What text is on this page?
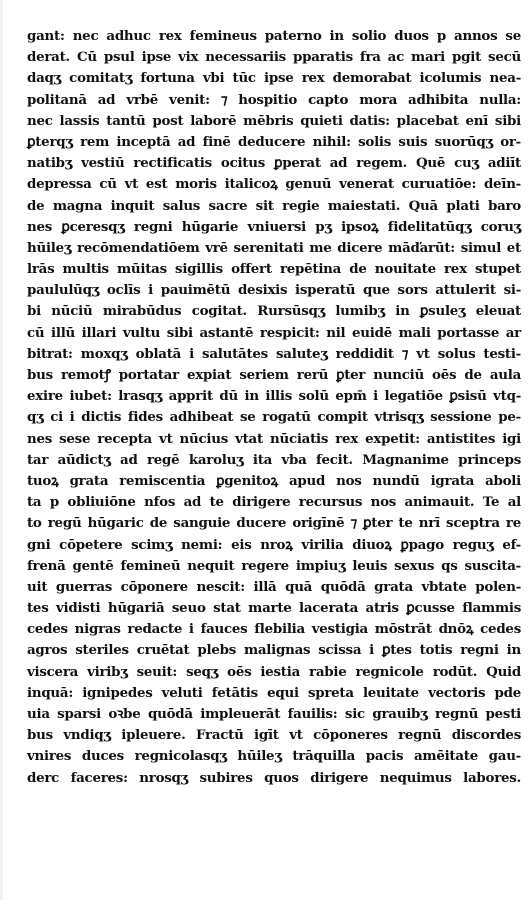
gant: nec adhuc rex femineus paterno in solio duos p annos se
derat. Cū psul ipse vix necessariis pparatis fra ac mari pgit secū
daqʒ comitatʒ fortuna vbi tūc ipse rex demorabat icolumis nea-
politanā ad vrbē venit: ⁊ hospitio capto mora adhibita nulla:
nec lassis tantū post laborē mēbris quieti datis: placebat enī sibi
ꝑterqʒ rem inceptā ad finē deducere nihil: solis suis suorūqʒ or-
natibʒ vestiū rectificatis ocitus ꝑperat ad regem. Quē cuʒ adiīt
depressa cū vt est moris italicoꝝ genuū venerat curuatiōe: deīn-
de magna inquit salus sacre sit regie maiestati. Quā plati baro
nes ꝑceresqʒ regni hūgarie vniuersi pʒ ipsoꝝ fidelitatūqʒ coruʒ
hūileʒ recōmendatiōem vrē serenitati me dicere māďarūt: simul et
lrās multis mūitas sigillis offert repētina de nouitate rex stupet
paululūqʒ oclīs i pauimētū desixis isperatū que sors attulerit si-
bi nūciū mirabūdus cogitat. Rursūsqʒ lumibʒ in ꝑsuleʒ eleuat
cū illū illari vultu sibi astantē respicit: nil euidē mali portasse ar
bitrat: moxqʒ oblatā i salutātes saluteʒ reddidit ⁊ vt solus testi-
bus remotꝭ portatar expiat seriem rerū ꝑter nunciū oēs de aula
exire iubet: lrasqʒ apprit dū in illis solū epm̄ i legatiōe ꝑsisū vtq-
qʒ ci i dictis fides adhibeat se rogatū compit vtrisqʒ sessione pe-
nes sese recepta vt nūcius vtat nūciatis rex expetit: antistites igi
tar aūdictʒ ad regē karoluʒ ita vba fecit. Magnanime princeps
tuoꝝ grata remiscentia ꝑgenitoꝝ apud nos nundū igrata aboli
ta p obliuiōne nfos ad te dirigere recursus nos animauit. Te al
to regū hūgaric de sanguie ducere origīnē ⁊ ꝑter te nrī sceptra re
gni cōpetere scimʒ nemi: eis nroꝝ virilia diuoꝝ ꝑpago reguʒ ef-
frenā gentē femineū nequit regere impiuʒ leuis sexus qs suscita-
uit guerras cōponere nescit: illā quā quōdā grata vbtate polen-
tes vidisti hūgariā seuo stat marte lacerata atris ꝑcusse flammis
cedes nigras redacte i fauces flebilia vestigia mōstrāt dnōꝝ cedes
agros steriles cruētat plebs malignas scissa i ꝑtes totis regni in
viscera viribʒ seuit: seqʒ oēs iestia rabie regnicole rodūt. Quid
inquā: ignipedes veluti fetātis equi spreta leuitate vectoris pde
uia sparsi oꝛbe quōdā impleuerāt fauilis: sic grauibʒ regnū pesti
bus vndiqʒ ipleuere. Fractū igīt vt cōponeres regnū discordes
vnires duces regnicolasqʒ hūileʒ trāquilla pacis amēitate gau-
derc faceres: nrosqʒ subires quos dirigere nequimus labores.
